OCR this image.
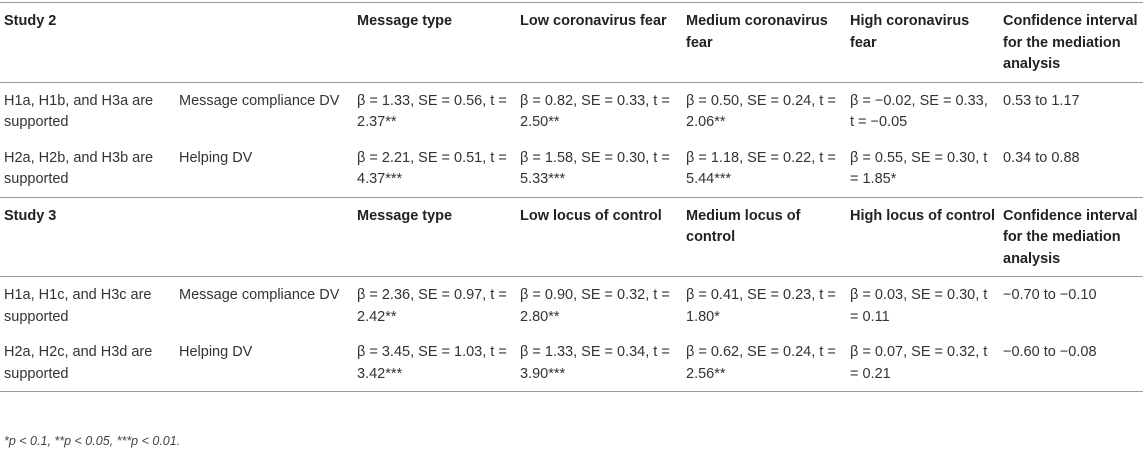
Study 2		Message type	Low coronavirus fear	Medium coronavirus fear	High coronavirus fear	Confidence interval for the mediation analysis
H1a, H1b, and H3a are supported	Message compliance DV	β = 1.33, SE = 0.56, t = 2.37**	β = 0.82, SE = 0.33, t = 2.50**	β = 0.50, SE = 0.24, t = 2.06**	β = −0.02, SE = 0.33, t = −0.05	0.53 to 1.17
H2a, H2b, and H3b are supported	Helping DV	β = 2.21, SE = 0.51, t = 4.37***	β = 1.58, SE = 0.30, t = 5.33***	β = 1.18, SE = 0.22, t = 5.44***	β = 0.55, SE = 0.30, t = 1.85*	0.34 to 0.88
Study 3		Message type	Low locus of control	Medium locus of control	High locus of control	Confidence interval for the mediation analysis
H1a, H1c, and H3c are supported	Message compliance DV	β = 2.36, SE = 0.97, t = 2.42**	β = 0.90, SE = 0.32, t = 2.80**	β = 0.41, SE = 0.23, t = 1.80*	β = 0.03, SE = 0.30, t = 0.11	−0.70 to −0.10
H2a, H2c, and H3d are supported	Helping DV	β = 3.45, SE = 1.03, t = 3.42***	β = 1.33, SE = 0.34, t = 3.90***	β = 0.62, SE = 0.24, t = 2.56**	β = 0.07, SE = 0.32, t = 0.21	−0.60 to −0.08
*p < 0.1, **p < 0.05, ***p < 0.01.
